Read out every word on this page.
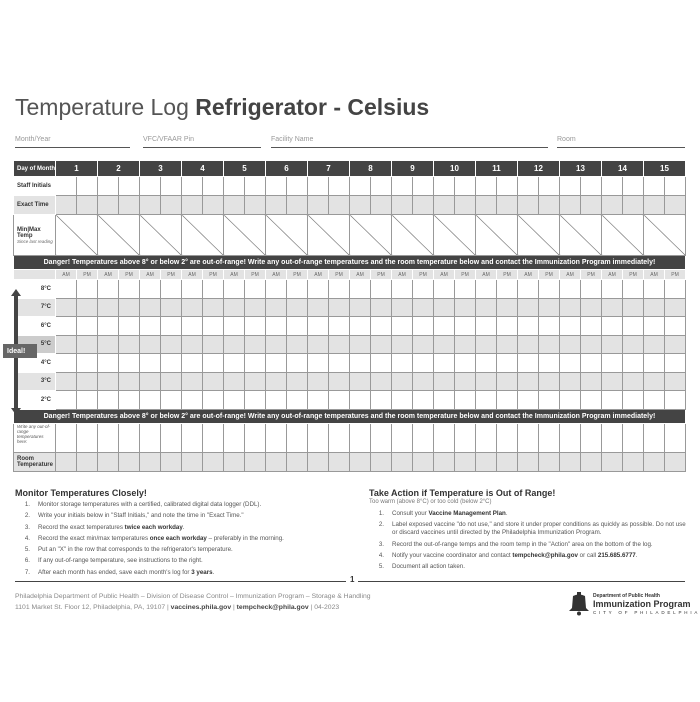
Temperature Log Refrigerator - Celsius
Month/Year	VFC/VFAAR Pin	Facility Name	Room
Day of Month	1		2		3		4		5		6		7		8		9		10		11		12		13		14		15	
Staff Initials																														
Exact Time																														
Min|Max Temp
Since last reading																														

Danger! Temperatures above 8° or below 2° are out-of-range! Write any out-of-range temperatures and the room temperature below and contact the Immunization Program immediately!																														
	AM	PM	AM	PM	AM	PM	AM	PM	AM	PM	AM	PM	AM	PM	AM	PM	AM	PM	AM	PM	AM	PM	AM	PM	AM	PM	AM	PM	AM	PM
8°C																														
7°C																														
6°C																														
5°C																														
4°C																														
3°C																														
2°C																														
Danger! Temperatures above 8° or below 2° are out-of-range! Write any out-of-range temperatures and the room temperature below and contact the Immunization Program immediately!																														
Write any out-of-range temperatures here:																														
Room Temperature																														
Temperatures
In-range
Ideal!
Monitor Temperatures Closely!
1.	Monitor storage temperatures with a certified, calibrated digital data logger (DDL).
2.	Write your initials below in "Staff Initials," and note the time in "Exact Time."
3.	Record the exact temperatures twice each workday.
4.	Record the exact min/max temperatures once each workday – preferably in the morning.
5.	Put an "X" in the row that corresponds to the refrigerator's temperature.
6.	If any out-of-range temperature, see instructions to the right.
7.	After each month has ended, save each month's log for 3 years.
Take Action if Temperature is Out of Range!
Too warm (above 8°C) or too cold (below 2°C)
1.	Consult your Vaccine Management Plan.
2.	Label exposed vaccine "do not use," and store it under proper conditions as quickly as possible. Do not use or discard vaccines until directed by the Philadelphia Immunization Program.
3.	Record the out-of-range temps and the room temp in the "Action" area on the bottom of the log.
4.	Notify your vaccine coordinator and contact tempcheck@phila.gov or call 215.685.6777.
5.	Document all action taken.
1
Philadelphia Department of Public Health – Division of Disease Control – Immunization Program – Storage & Handling
1101 Market St. Floor 12, Philadelphia, PA, 19107 | vaccines.phila.gov | tempcheck@phila.gov | 04-2023
Department of Public Health
Immunization Program
CITY OF PHILADELPHIA
